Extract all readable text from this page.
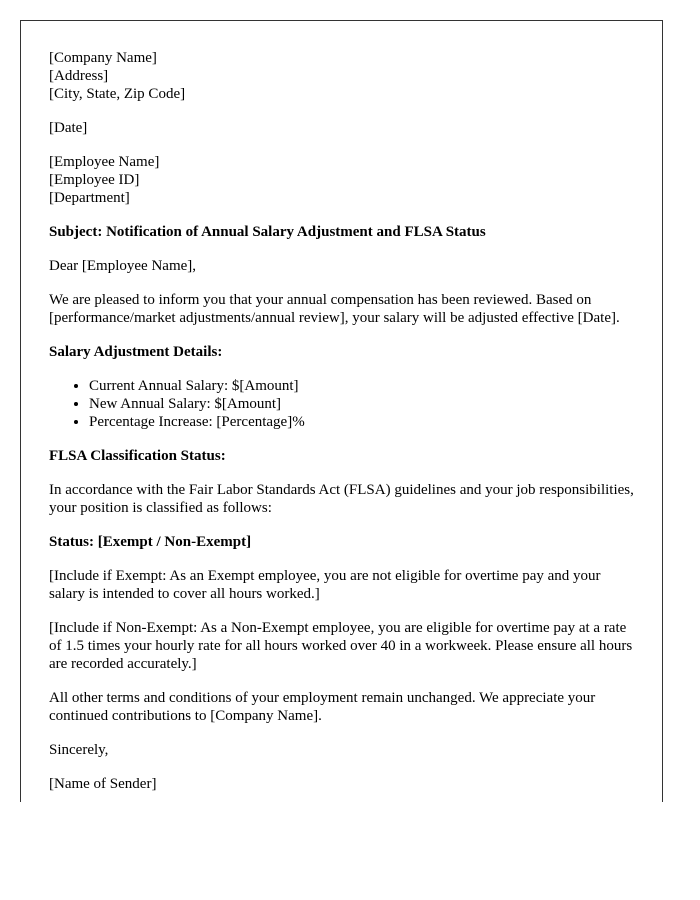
[Company Name]
[Address]
[City, State, Zip Code]

[Date]

[Employee Name]
[Employee ID]
[Department]

Subject: Notification of Annual Salary Adjustment and FLSA Status

Dear [Employee Name],

We are pleased to inform you that your annual compensation has been reviewed. Based on [performance/market adjustments/annual review], your salary will be adjusted effective [Date].

Salary Adjustment Details:

• Current Annual Salary: $[Amount]
• New Annual Salary: $[Amount]
• Percentage Increase: [Percentage]%

FLSA Classification Status:

In accordance with the Fair Labor Standards Act (FLSA) guidelines and your job responsibilities, your position is classified as follows:

Status: [Exempt / Non-Exempt]

[Include if Exempt: As an Exempt employee, you are not eligible for overtime pay and your salary is intended to cover all hours worked.]

[Include if Non-Exempt: As a Non-Exempt employee, you are eligible for overtime pay at a rate of 1.5 times your hourly rate for all hours worked over 40 in a workweek. Please ensure all hours are recorded accurately.]

All other terms and conditions of your employment remain unchanged. We appreciate your continued contributions to [Company Name].

Sincerely,

[Name of Sender]
